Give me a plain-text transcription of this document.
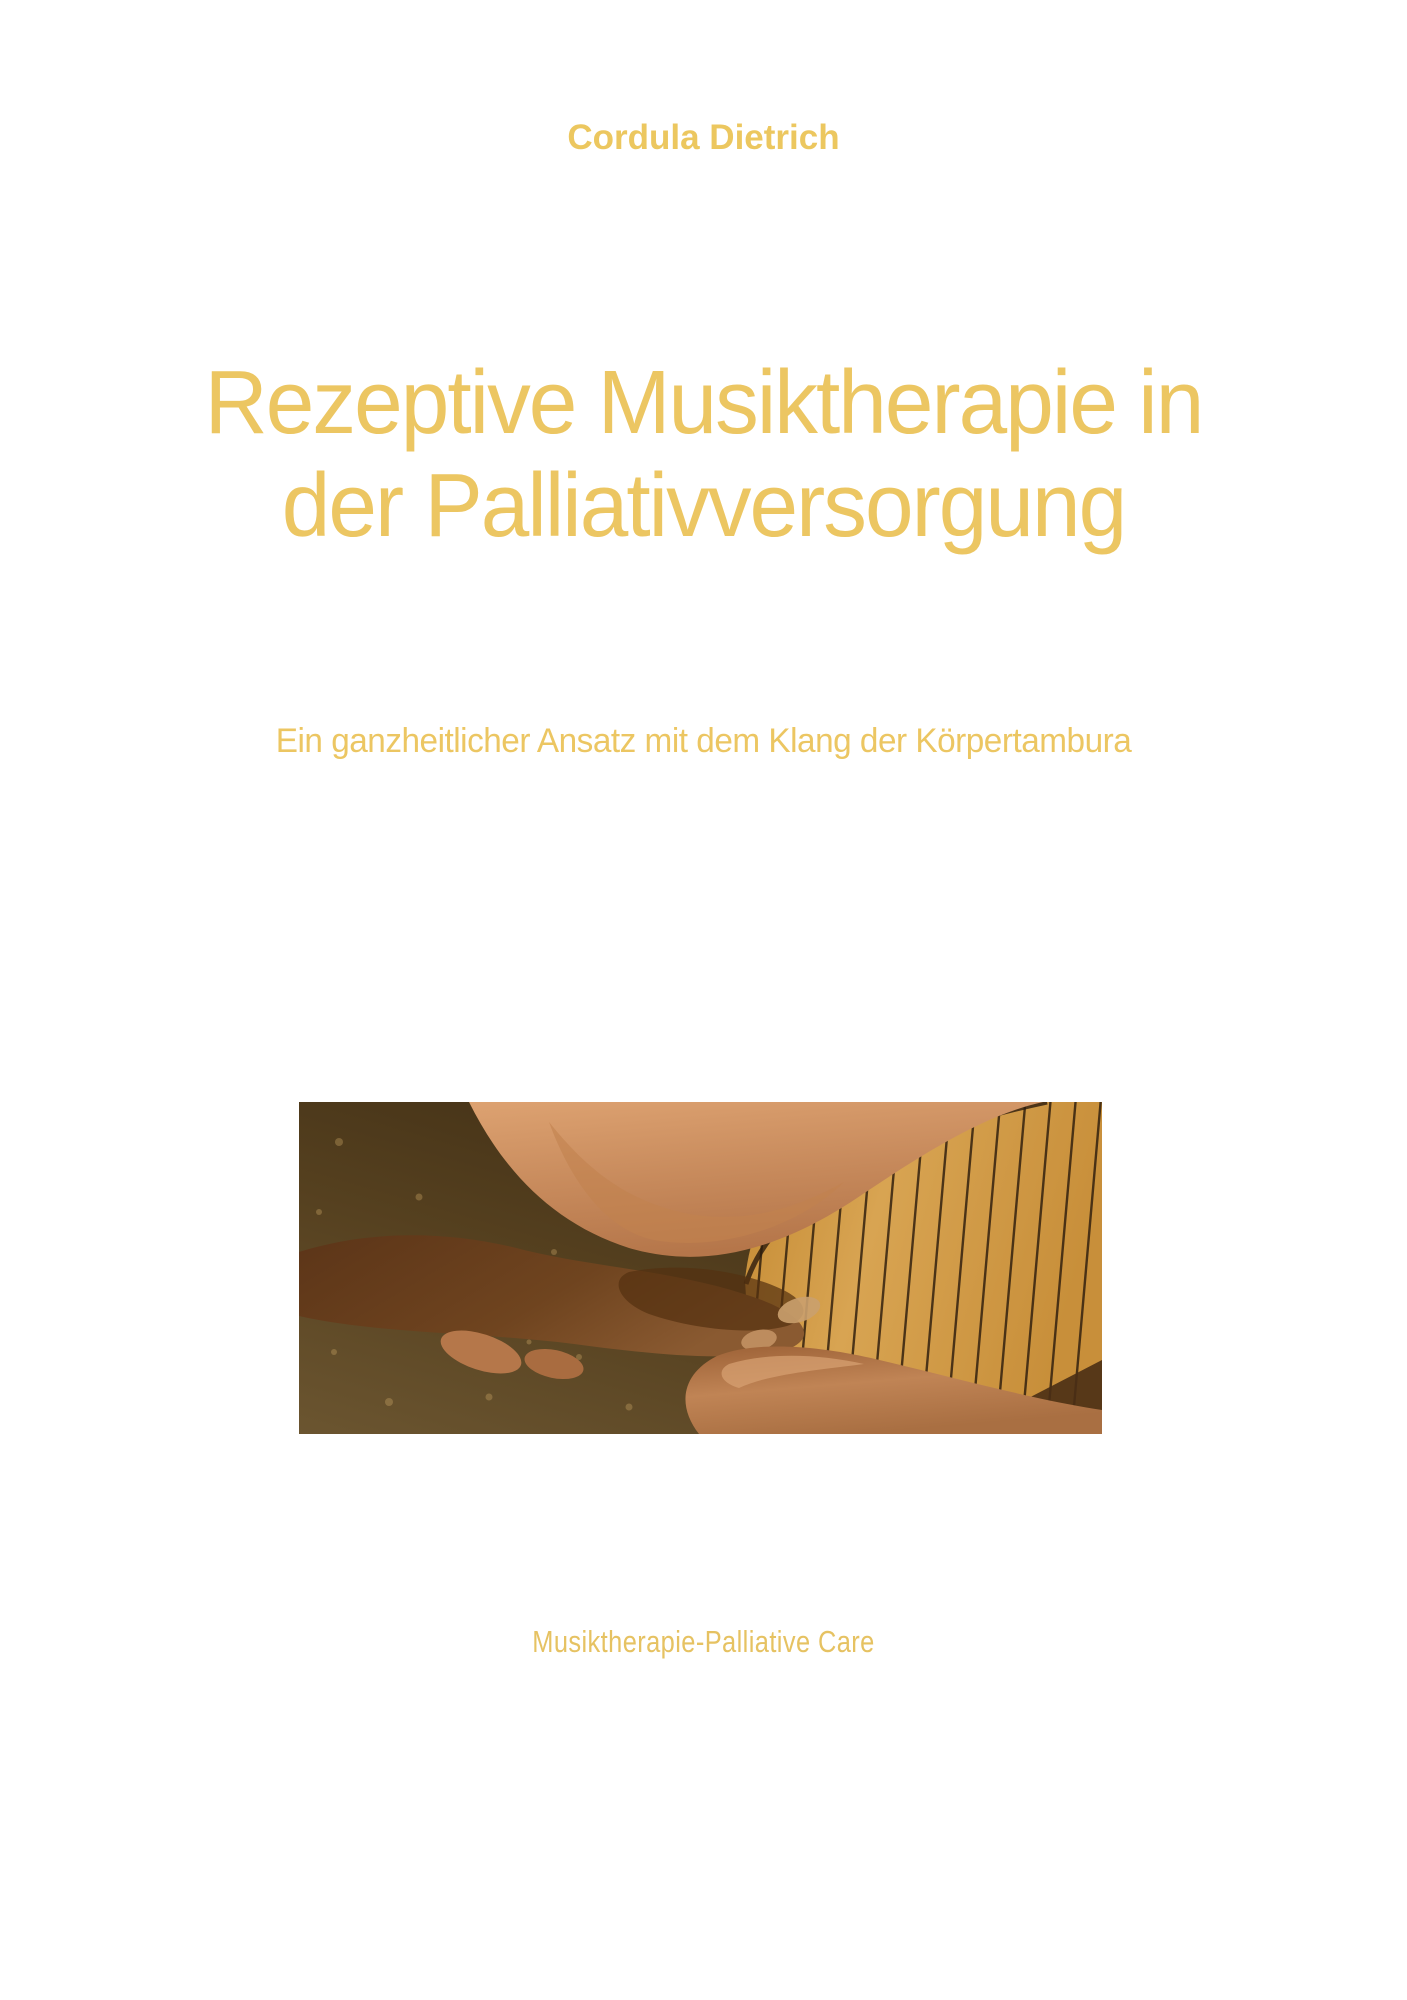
Cordula Dietrich
Rezeptive Musiktherapie in
der Palliativversorgung
Ein ganzheitlicher Ansatz mit dem Klang der Körpertambura
Musiktherapie-Palliative Care
